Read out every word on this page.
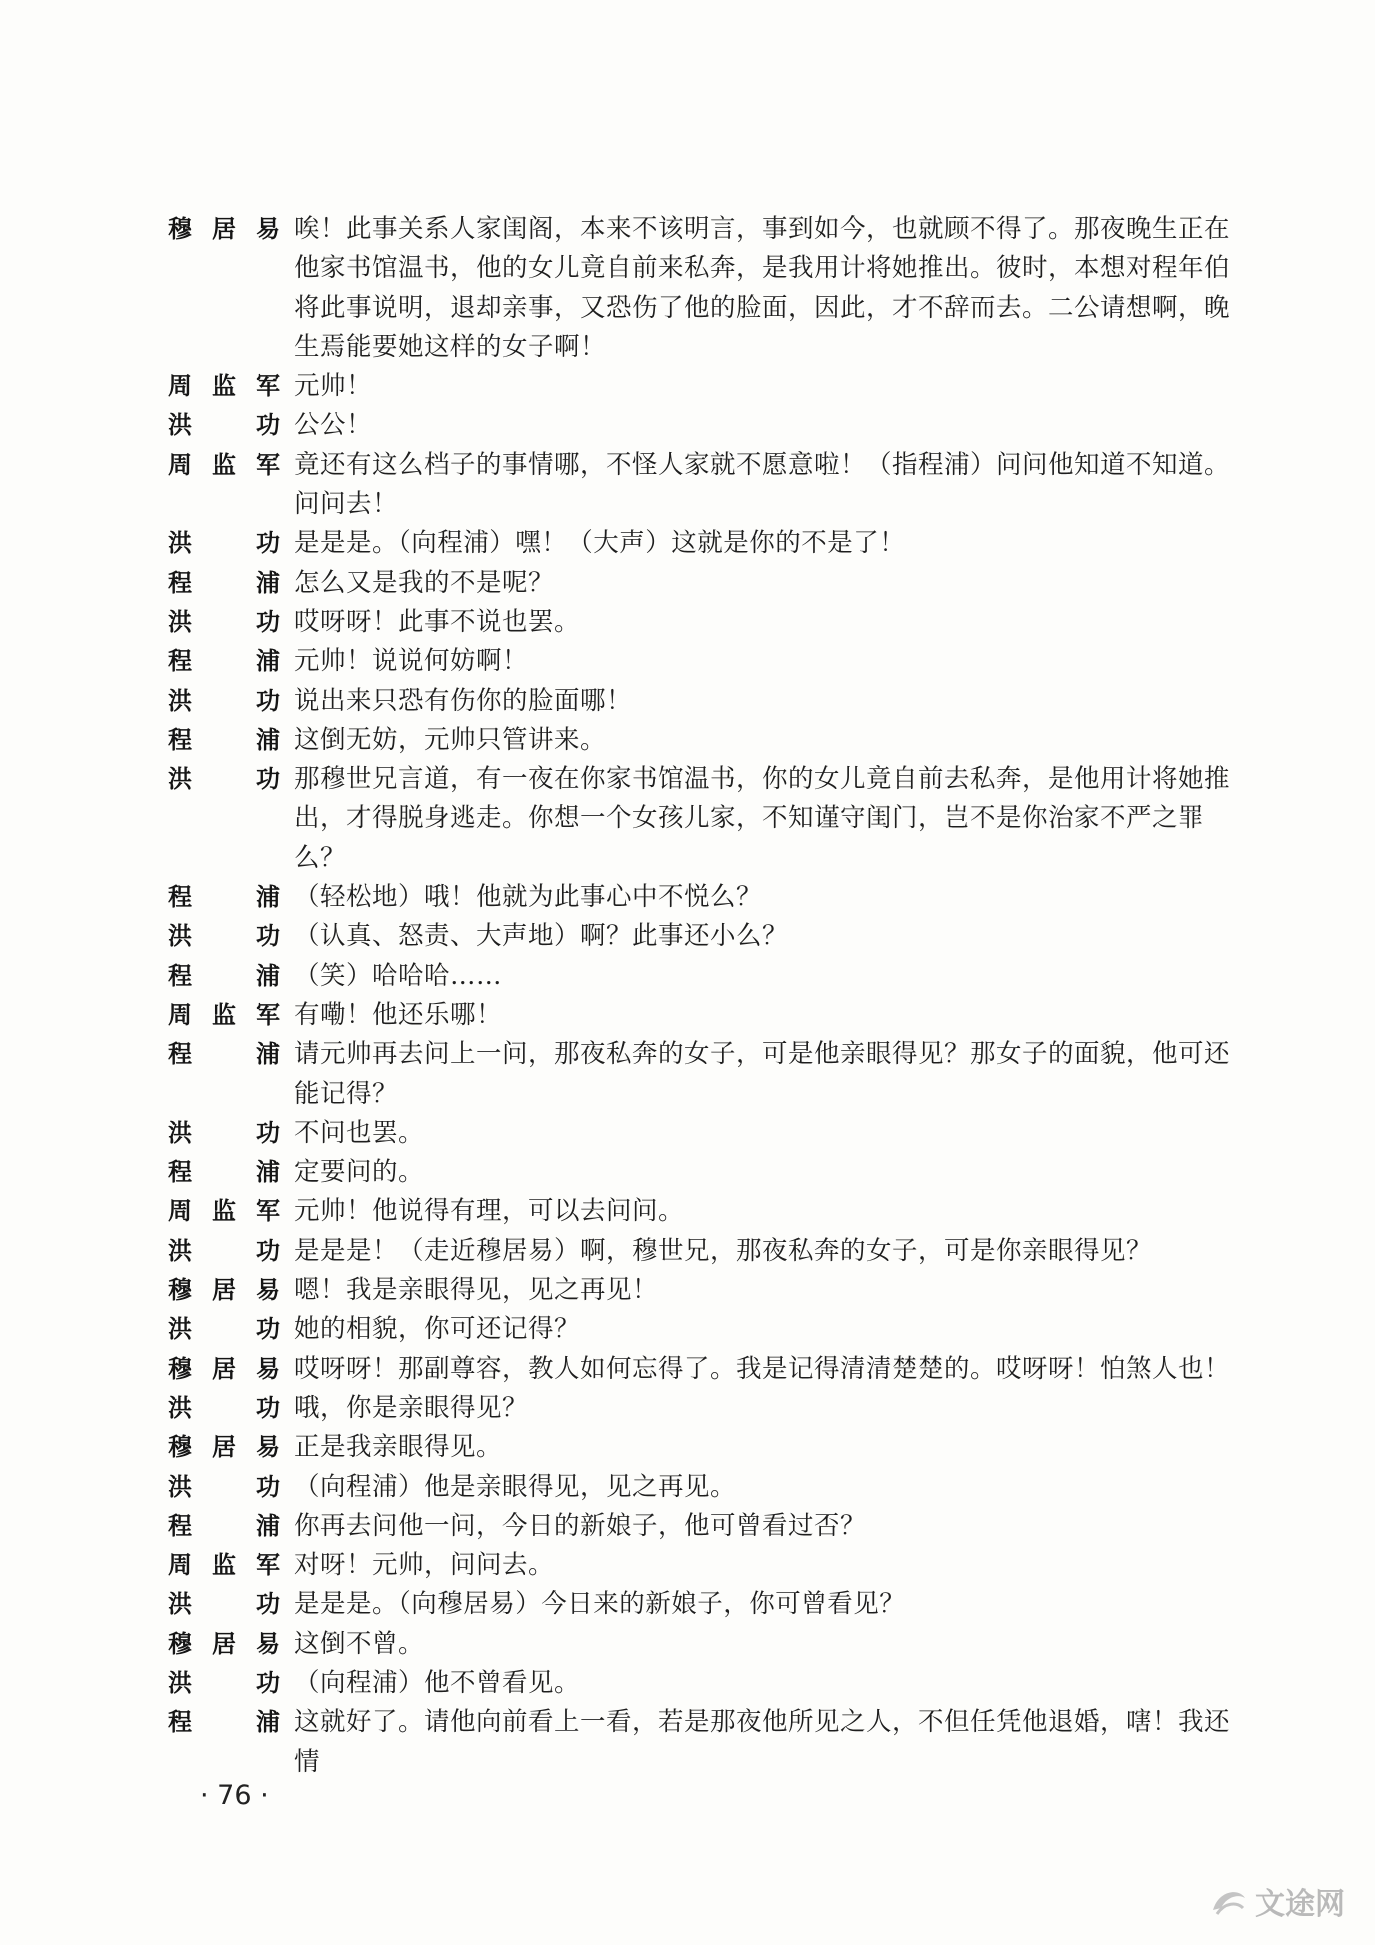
穆居易 唉！此事关系人家闺阁，本来不该明言，事到如今，也就顾不得了。那夜晚生正在他家书馆温书，他的女儿竟自前来私奔，是我用计将她推出。彼时，本想对程年伯将此事说明，退却亲事，又恐伤了他的脸面，因此，才不辞而去。二公请想啊，晚生焉能要她这样的女子啊！
周监军 元帅！
洪　功 公公！
周监军 竟还有这么档子的事情哪，不怪人家就不愿意啦！（指程浦）问问他知道不知道。问问去！
洪　功 是是是。（向程浦）嘿！（大声）这就是你的不是了！
程　浦 怎么又是我的不是呢？
洪　功 哎呀呀！此事不说也罢。
程　浦 元帅！说说何妨啊！
洪　功 说出来只恐有伤你的脸面哪！
程　浦 这倒无妨，元帅只管讲来。
洪　功 那穆世兄言道，有一夜在你家书馆温书，你的女儿竟自前去私奔，是他用计将她推出，才得脱身逃走。你想一个女孩儿家，不知谨守闺门，岂不是你治家不严之罪么？
程　浦 （轻松地）哦！他就为此事心中不悦么？
洪　功 （认真、怒责、大声地）啊？此事还小么？
程　浦 （笑）哈哈哈……
周监军 有嘞！他还乐哪！
程　浦 请元帅再去问上一问，那夜私奔的女子，可是他亲眼得见？那女子的面貌，他可还能记得？
洪　功 不问也罢。
程　浦 定要问的。
周监军 元帅！他说得有理，可以去问问。
洪　功 是是是！（走近穆居易）啊，穆世兄，那夜私奔的女子，可是你亲眼得见？
穆居易 嗯！我是亲眼得见，见之再见！
洪　功 她的相貌，你可还记得？
穆居易 哎呀呀！那副尊容，教人如何忘得了。我是记得清清楚楚的。哎呀呀！怕煞人也！
洪　功 哦，你是亲眼得见？
穆居易 正是我亲眼得见。
洪　功 （向程浦）他是亲眼得见，见之再见。
程　浦 你再去问他一问，今日的新娘子，他可曾看过否？
周监军 对呀！元帅，问问去。
洪　功 是是是。（向穆居易）今日来的新娘子，你可曾看见？
穆居易 这倒不曾。
洪　功 （向程浦）他不曾看见。
程　浦 这就好了。请他向前看上一看，若是那夜他所见之人，不但任凭他退婚，嗐！我还情
· 76 ·
文途网
